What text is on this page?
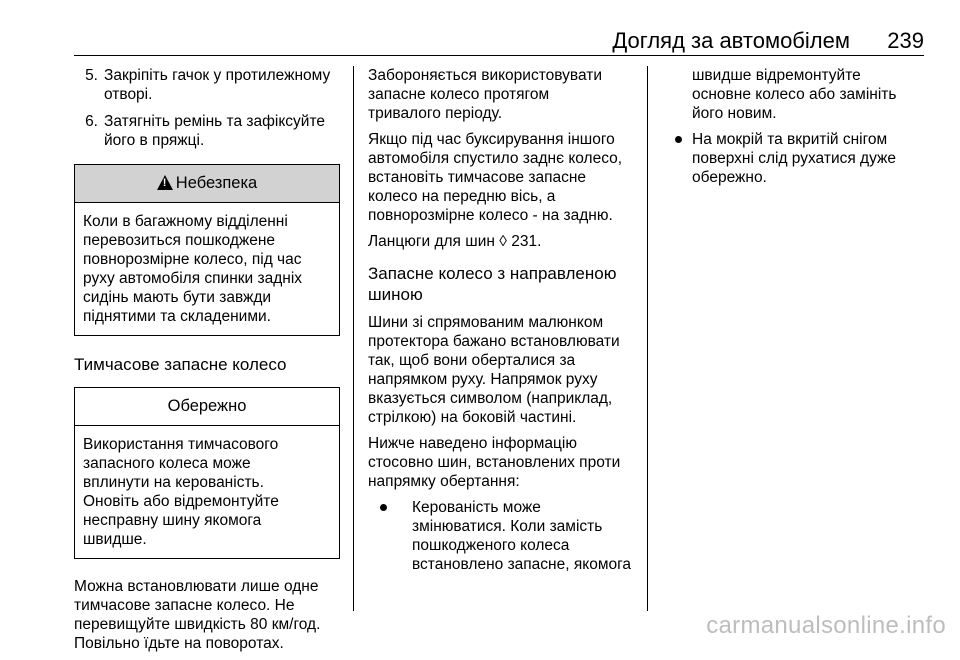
Догляд за автомобілем 239
5. Закріпіть гачок у протилежному
отворі.
6. Затягніть ремінь та зафіксуйте
його в пряжці.
!
Небезпека
Коли в багажному відділенні
перевозиться пошкоджене
повнорозмірне колесо, під час
руху автомобіля спинки задніх
сидінь мають бути завжди
піднятими та складеними.
Тимчасове запасне колесо
Обережно
Використання тимчасового
запасного колеса може
вплинути на керованість.
Оновіть або відремонтуйте
несправну шину якомога
швидше.
Можна встановлювати лише одне
тимчасове запасне колесо. Не
перевищуйте швидкість 80 км/год.
Повільно їдьте на поворотах.
Забороняється використовувати
запасне колесо протягом
тривалого періоду.
Якщо під час буксирування іншого
автомобіля спустило заднє колесо,
встановіть тимчасове запасне
колесо на передню вісь, а
повнорозмірне колесо - на задню.
Ланцюги для шин ◊ 231.
Запасне колесо з направленою
шиною
Шини зі спрямованим малюнком
протектора бажано встановлювати
так, щоб вони оберталися за
напрямком руху. Напрямок руху
вказується символом (наприклад,
стрілкою) на боковій частині.
Нижче наведено інформацію
стосовно шин, встановлених проти
напрямку обертання:
Керованість може
змінюватися. Коли замість
пошкодженого колеса
встановлено запасне, якомога
швидше відремонтуйте
основне колесо або замініть
його новим.
На мокрій та вкритій снігом
поверхні слід рухатися дуже
обережно.
carmanualsonline.info
